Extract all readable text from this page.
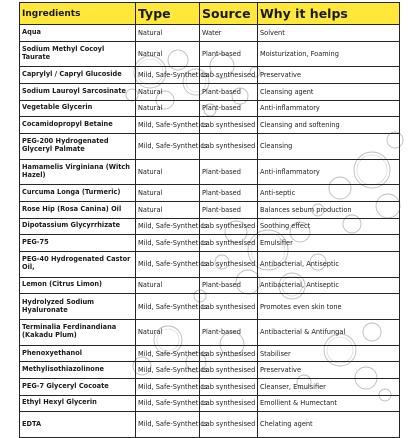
Ingredients	Type	Source	Why it helps
Aqua	Natural	Water	Solvent
Sodium Methyl Cocoyl Taurate	Natural	Plant-based	Moisturization, Foaming
Caprylyl / Capryl Glucoside	Mild, Safe-Synthetics	Lab synthesised	Preservative
Sodium Lauroyl Sarcosinate	Natural	Plant-based	Cleansing agent
Vegetable Glycerin	Natural	Plant-based	Anti-inflammatory
Cocamidopropyl Betaine	Mild, Safe-Synthetics	Lab synthesised	Cleansing and softening
PEG-200 Hydrogenated Glyceryl Palmate	Mild, Safe-Synthetics	Lab synthesised	Cleansing
Hamamelis Virginiana (Witch Hazel)	Natural	Plant-based	Anti-inflammatory
Curcuma Longa (Turmeric)	Natural	Plant-based	Anti-septic
Rose Hip (Rosa Canina) Oil	Natural	Plant-based	Balances sebum production
Dipotassium Glycyrrhizate	Mild, Safe-Synthetics	Lab synthesised	Soothing effect
PEG-75	Mild, Safe-Synthetics	Lab synthesised	Emulsifier
PEG-40 Hydrogenated Castor Oil,	Mild, Safe-Synthetics	Lab synthesised	Antibacterial, Antiseptic
Lemon (Citrus Limon)	Natural	Plant-based	Antibacterial, Antiseptic
Hydrolyzed Sodium Hyaluronate	Mild, Safe-Synthetics	Lab synthesised	Promotes even skin tone
Terminalia Ferdinandiana (Kakadu Plum)	Natural	Plant-based	Antibacterial & Antifungal
Phenoxyethanol	Mild, Safe-Synthetics	Lab synthesised	Stabiliser
Methylisothiazolinone	Mild, Safe-Synthetics	Lab synthesised	Preservative
PEG-7 Glyceryl Cocoate	Mild, Safe-Synthetics	Lab synthesised	Cleanser, Emulsifier
Ethyl Hexyl Glycerin	Mild, Safe-Synthetics	Lab synthesised	Emollient & Humectant
EDTA	Mild, Safe-Synthetics	Lab synthesised	Chelating agent
